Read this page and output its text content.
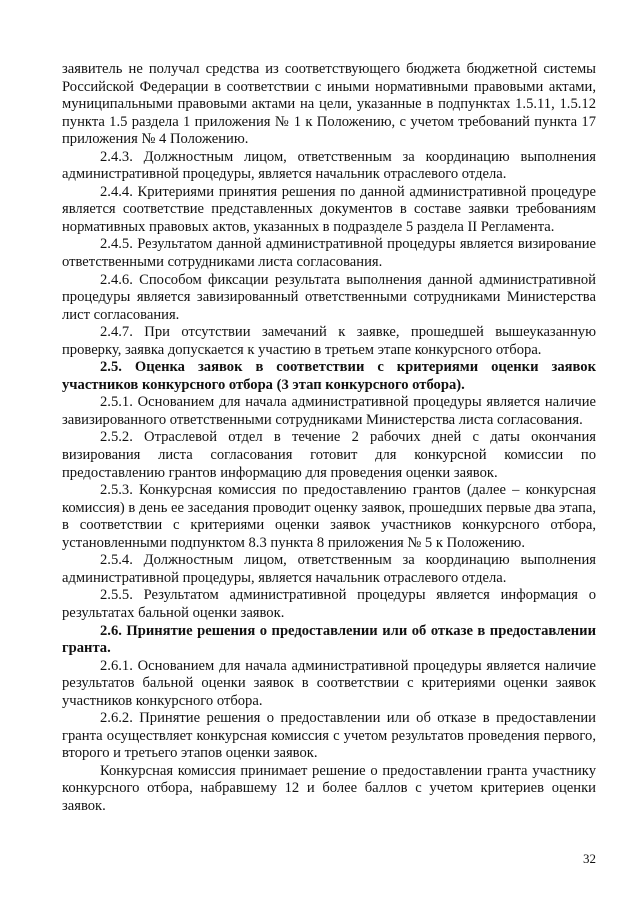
заявитель не получал средства из соответствующего бюджета бюджетной системы Российской Федерации в соответствии с иными нормативными правовыми актами, муниципальными правовыми актами на цели, указанные в подпунктах 1.5.11, 1.5.12 пункта 1.5 раздела 1 приложения № 1 к Положению, с учетом требований пункта 17 приложения № 4 Положению.

2.4.3. Должностным лицом, ответственным за координацию выполнения административной процедуры, является начальник отраслевого отдела.

2.4.4. Критериями принятия решения по данной административной процедуре является соответствие представленных документов в составе заявки требованиям нормативных правовых актов, указанных в подразделе 5 раздела II Регламента.

2.4.5. Результатом данной административной процедуры является визирование ответственными сотрудниками листа согласования.

2.4.6. Способом фиксации результата выполнения данной административной процедуры является завизированный ответственными сотрудниками Министерства лист согласования.

2.4.7. При отсутствии замечаний к заявке, прошедшей вышеуказанную проверку, заявка допускается к участию в третьем этапе конкурсного отбора.

2.5. Оценка заявок в соответствии с критериями оценки заявок участников конкурсного отбора (3 этап конкурсного отбора).

2.5.1. Основанием для начала административной процедуры является наличие завизированного ответственными сотрудниками Министерства листа согласования.

2.5.2. Отраслевой отдел в течение 2 рабочих дней с даты окончания визирования листа согласования готовит для конкурсной комиссии по предоставлению грантов информацию для проведения оценки заявок.

2.5.3. Конкурсная комиссия по предоставлению грантов (далее – конкурсная комиссия) в день ее заседания проводит оценку заявок, прошедших первые два этапа, в соответствии с критериями оценки заявок участников конкурсного отбора, установленными подпунктом 8.3 пункта 8 приложения № 5 к Положению.

2.5.4. Должностным лицом, ответственным за координацию выполнения административной процедуры, является начальник отраслевого отдела.

2.5.5. Результатом административной процедуры является информация о результатах бальной оценки заявок.

2.6. Принятие решения о предоставлении или об отказе в предоставлении гранта.

2.6.1. Основанием для начала административной процедуры является наличие результатов бальной оценки заявок в соответствии с критериями оценки заявок участников конкурсного отбора.

2.6.2. Принятие решения о предоставлении или об отказе в предоставлении гранта осуществляет конкурсная комиссия с учетом результатов проведения первого, второго и третьего этапов оценки заявок.

Конкурсная комиссия принимает решение о предоставлении гранта участнику конкурсного отбора, набравшему 12 и более баллов с учетом критериев оценки заявок.

32
